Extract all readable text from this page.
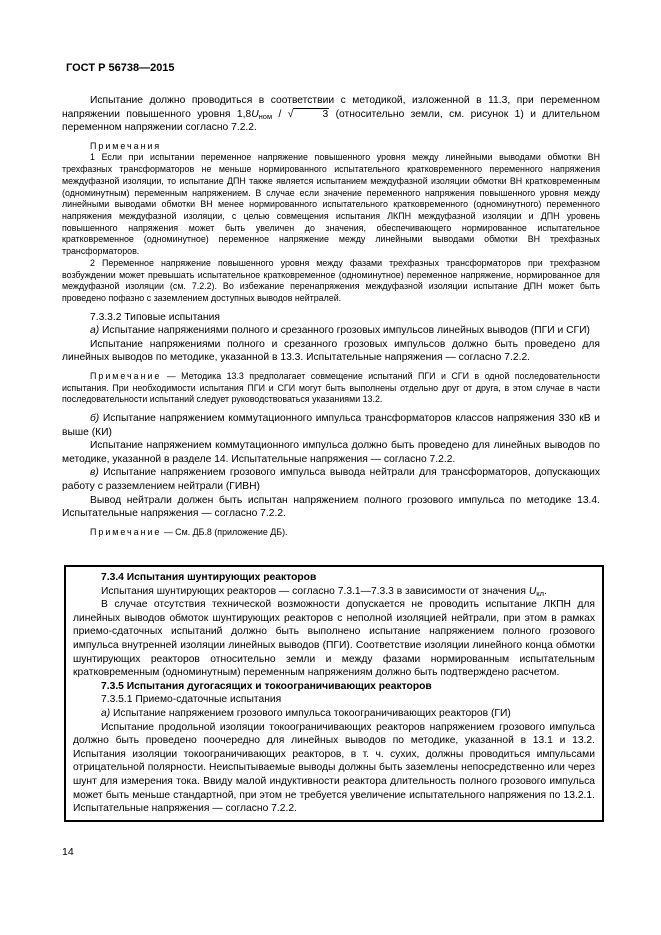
ГОСТ Р 56738—2015

Испытание должно проводиться в соответствии с методикой, изложенной в 11.3, при переменном напряжении повышенного уровня $1,8U_{ном}$ / √	3 (относительно земли, см. рисунок 1) и длительном переменном напряжении согласно 7.2.2.

Примечания

1 Если при испытании переменное напряжение повышенного уровня между линейными выводами обмотки ВН трехфазных трансформаторов не меньше нормированного испытательного кратковременного переменного напряжения междуфазной изоляции, то испытание ДПН также является испытанием междуфазной изоляции обмотки ВН кратковременным (одноминутным) переменным напряжением. В случае если значение переменного напряжения повышенного уровня между линейными выводами обмотки ВН менее нормированного испытательного кратковременного (одноминутного) переменного напряжения междуфазной изоляции, с целью совмещения испытания ЛКПН междуфазной изоляции и ДПН уровень повышенного напряжения может быть увеличен до значения, обеспечивающего нормированное испытательное кратковременное (одноминутное) переменное напряжение между линейными выводами обмотки ВН трехфазных трансформаторов.

2 Переменное напряжение повышенного уровня между фазами трехфазных трансформаторов при трехфазном возбуждении может превышать испытательное кратковременное (одноминутное) переменное напряжение, нормированное для междуфазной изоляции (см. 7.2.2). Во избежание перенапряжения междуфазной изоляции испытание ДПН может быть проведено пофазно с заземлением доступных выводов нейтралей.

7.3.3.2 Типовые испытания

а) Испытание напряжениями полного и срезанного грозовых импульсов линейных выводов (ПГИ и СГИ)

Испытание напряжениями полного и срезанного грозовых импульсов должно быть проведено для линейных выводов по методике, указанной в 13.3. Испытательные напряжения — согласно 7.2.2.

Примечание — Методика 13.3 предполагает совмещение испытаний ПГИ и СГИ в одной последовательности испытания. При необходимости испытания ПГИ и СГИ могут быть выполнены отдельно друг от друга, в этом случае в части последовательности испытаний следует руководствоваться указаниями 13.2.

б) Испытание напряжением коммутационного импульса трансформаторов классов напряжения 330 кВ и выше (КИ)

Испытание напряжением коммутационного импульса должно быть проведено для линейных выводов по методике, указанной в разделе 14. Испытательные напряжения — согласно 7.2.2.

в) Испытание напряжением грозового импульса вывода нейтрали для трансформаторов, допускающих работу с разземлением нейтрали (ГИВН)

Вывод нейтрали должен быть испытан напряжением полного грозового импульса по методике 13.4. Испытательные напряжения — согласно 7.2.2.

Примечание — См. ДБ.8 (приложение ДБ).

7.3.4 Испытания шунтирующих реакторов

Испытания шунтирующих реакторов — согласно 7.3.1—7.3.3 в зависимости от значения $U_{кл}$.

В случае отсутствия технической возможности допускается не проводить испытание ЛКПН для линейных выводов обмоток шунтирующих реакторов с неполной изоляцией нейтрали, при этом в рамках приемо-сдаточных испытаний должно быть выполнено испытание напряжением полного грозового импульса внутренней изоляции линейных выводов (ПГИ). Соответствие изоляции линейного конца обмотки шунтирующих реакторов относительно земли и между фазами нормированным испытательным кратковременным (одноминутным) переменным напряжениям должно быть подтверждено расчетом.

7.3.5 Испытания дугогасящих и токоограничивающих реакторов

7.3.5.1 Приемо-сдаточные испытания

а) Испытание напряжением грозового импульса токоограничивающих реакторов (ГИ)

Испытание продольной изоляции токоограничивающих реакторов напряжением грозового импульса должно быть проведено поочередно для линейных выводов по методике, указанной в 13.1 и 13.2. Испытания изоляции токоограничивающих реакторов, в т. ч. сухих, должны проводиться импульсами отрицательной полярности. Неиспытываемые выводы должны быть заземлены непосредственно или через шунт для измерения тока. Ввиду малой индуктивности реактора длительность полного грозового импульса может быть меньше стандартной, при этом не требуется увеличение испытательного напряжения по 13.2.1. Испытательные напряжения — согласно 7.2.2.

14
